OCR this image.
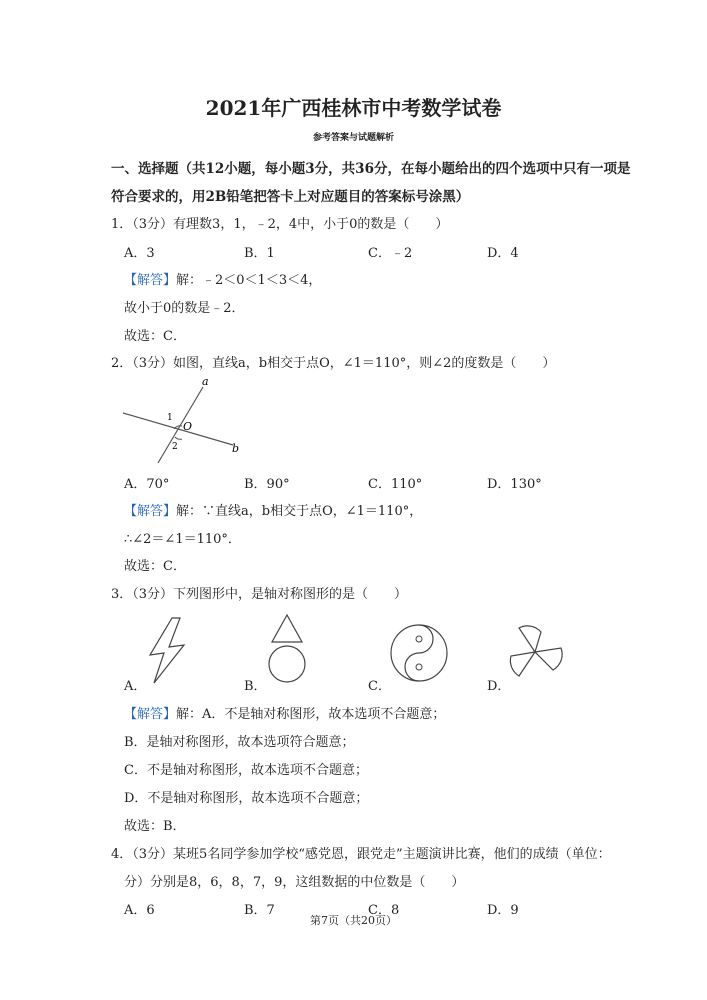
2021年广西桂林市中考数学试卷
参考答案与试题解析
一、选择题（共12小题，每小题3分，共36分，在每小题给出的四个选项中只有一项是
符合要求的，用2B铅笔把答卡上对应题目的答案标号涂黑）
1．（3分）有理数3，1，﹣2，4中，小于0的数是（　　）
A．3	B．1	C．﹣2	D．4
【解答】解：﹣2＜0＜1＜3＜4，
故小于0的数是﹣2．
故选：C．
2．（3分）如图，直线a，b相交于点O，∠1＝110°，则∠2的度数是（　　）
a
b
O
1
2
A．70°	B．90°	C．110°	D．130°
【解答】解：∵直线a，b相交于点O，∠1＝110°，
∴∠2＝∠1＝110°．
故选：C．
3．（3分）下列图形中，是轴对称图形的是（　　）
A．	B．	C．	D．
【解答】解：A．不是轴对称图形，故本选项不合题意；
B．是轴对称图形，故本选项符合题意；
C．不是轴对称图形，故本选项不合题意；
D．不是轴对称图形，故本选项不合题意；
故选：B．
4．（3分）某班5名同学参加学校“感党恩，跟党走”主题演讲比赛，他们的成绩（单位：
分）分别是8，6，8，7，9，这组数据的中位数是（　　）
A．6	B．7	C．8	D．9
第7页（共20页）
